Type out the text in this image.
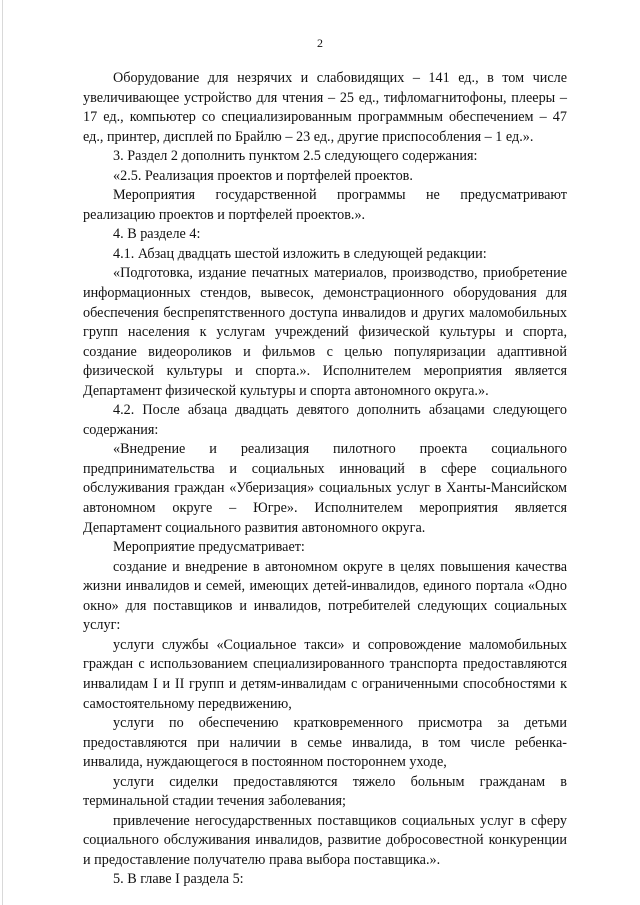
2

Оборудование для незрячих и слабовидящих – 141 ед., в том числе увеличивающее устройство для чтения – 25 ед., тифломагнитофоны, плееры – 17 ед., компьютер со специализированным программным обеспечением – 47 ед., принтер, дисплей по Брайлю – 23 ед., другие приспособления – 1 ед.».

3. Раздел 2 дополнить пунктом 2.5 следующего содержания:

«2.5. Реализация проектов и портфелей проектов.

Мероприятия государственной программы не предусматривают реализацию проектов и портфелей проектов.».

4. В разделе 4:

4.1. Абзац двадцать шестой изложить в следующей редакции:

«Подготовка, издание печатных материалов, производство, приобретение информационных стендов, вывесок, демонстрационного оборудования для обеспечения беспрепятственного доступа инвалидов и других маломобильных групп населения к услугам учреждений физической культуры и спорта, создание видеороликов и фильмов с целью популяризации адаптивной физической культуры и спорта.». Исполнителем мероприятия является Департамент физической культуры и спорта автономного округа.».

4.2. После абзаца двадцать девятого дополнить абзацами следующего содержания:

«Внедрение и реализация пилотного проекта социального предпринимательства и социальных инноваций в сфере социального обслуживания граждан «Уберизация» социальных услуг в Ханты-Мансийском автономном округе – Югре». Исполнителем мероприятия является Департамент социального развития автономного округа.

Мероприятие предусматривает:

создание и внедрение в автономном округе в целях повышения качества жизни инвалидов и семей, имеющих детей-инвалидов, единого портала «Одно окно» для поставщиков и инвалидов, потребителей следующих социальных услуг:

услуги службы «Социальное такси» и сопровождение маломобильных граждан с использованием специализированного транспорта предоставляются инвалидам I и II групп и детям-инвалидам с ограниченными способностями к самостоятельному передвижению,

услуги по обеспечению кратковременного присмотра за детьми предоставляются при наличии в семье инвалида, в том числе ребенка-инвалида, нуждающегося в постоянном постороннем уходе,

услуги сиделки предоставляются тяжело больным гражданам в терминальной стадии течения заболевания;

привлечение негосударственных поставщиков социальных услуг в сферу социального обслуживания инвалидов, развитие добросовестной конкуренции и предоставление получателю права выбора поставщика.».

5. В главе I раздела 5:
